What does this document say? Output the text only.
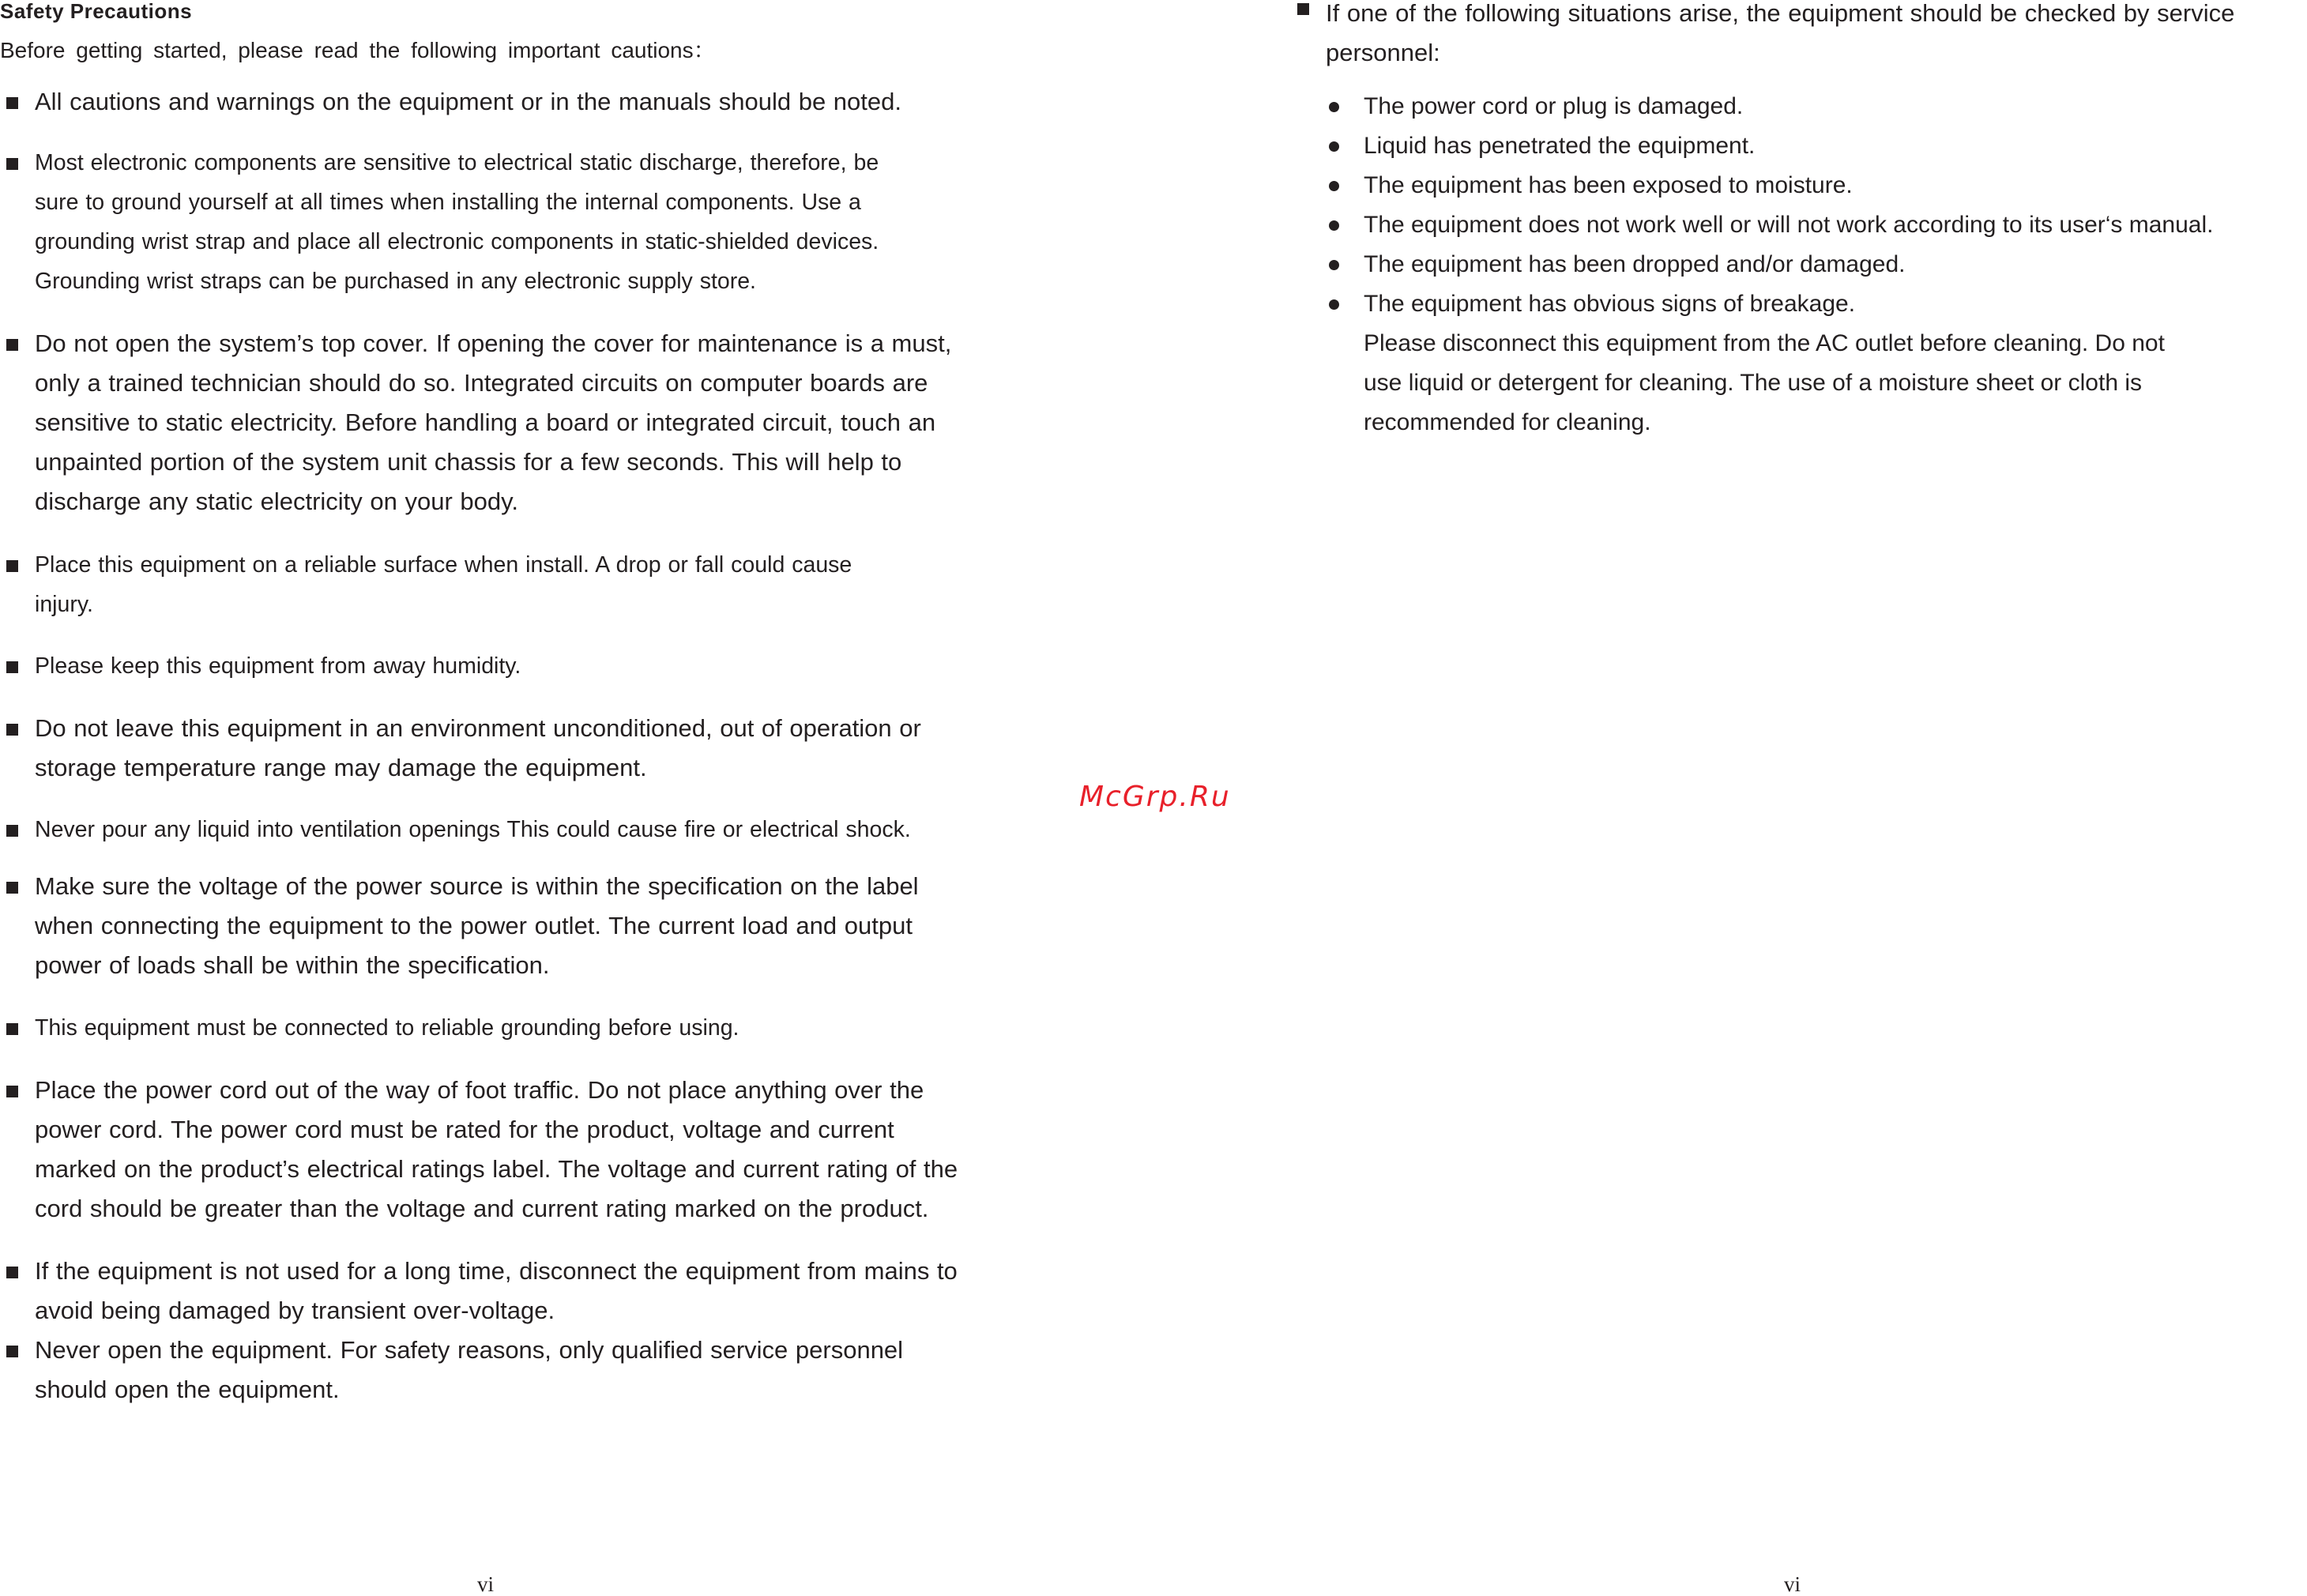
Safety Precautions
Before getting started, please read the following important cautions：
All cautions and warnings on the equipment or in the manuals should be noted.
Most electronic components are sensitive to electrical static discharge, therefore, be
sure to ground yourself at all times when installing the internal components. Use a
grounding wrist strap and place all electronic components in static-shielded devices.
Grounding wrist straps can be purchased in any electronic supply store.
Do not open the system’s top cover. If opening the cover for maintenance is a must,
only a trained technician should do so. Integrated circuits on computer boards are
sensitive to static electricity. Before handling a board or integrated circuit, touch an
unpainted portion of the system unit chassis for a few seconds. This will help to
discharge any static electricity on your body.
Place this equipment on a reliable surface when install. A drop or fall could cause
injury.
Please keep this equipment from away humidity.
Do not leave this equipment in an environment unconditioned, out of operation or
storage temperature range may damage the equipment.
Never pour any liquid into ventilation openings This could cause fire or electrical shock.
Make sure the voltage of the power source is within the specification on the label
when connecting the equipment to the power outlet. The current load and output
power of loads shall be within the specification.
This equipment must be connected to reliable grounding before using.
Place the power cord out of the way of foot traffic. Do not place anything over the
power cord. The power cord must be rated for the product, voltage and current
marked on the product’s electrical ratings label. The voltage and current rating of the
cord should be greater than the voltage and current rating marked on the product.
If the equipment is not used for a long time, disconnect the equipment from mains to
avoid being damaged by transient over-voltage.
Never open the equipment. For safety reasons, only qualified service personnel
should open the equipment.
vi
McGrp.Ru
If one of the following situations arise, the equipment should be checked by service
personnel:
The power cord or plug is damaged.
Liquid has penetrated the equipment.
The equipment has been exposed to moisture.
The equipment does not work well or will not work according to its user‘s manual.
The equipment has been dropped and/or damaged.
The equipment has obvious signs of breakage.
Please disconnect this equipment from the AC outlet before cleaning. Do not
use liquid or detergent for cleaning. The use of a moisture sheet or cloth is
recommended for cleaning.
vi
